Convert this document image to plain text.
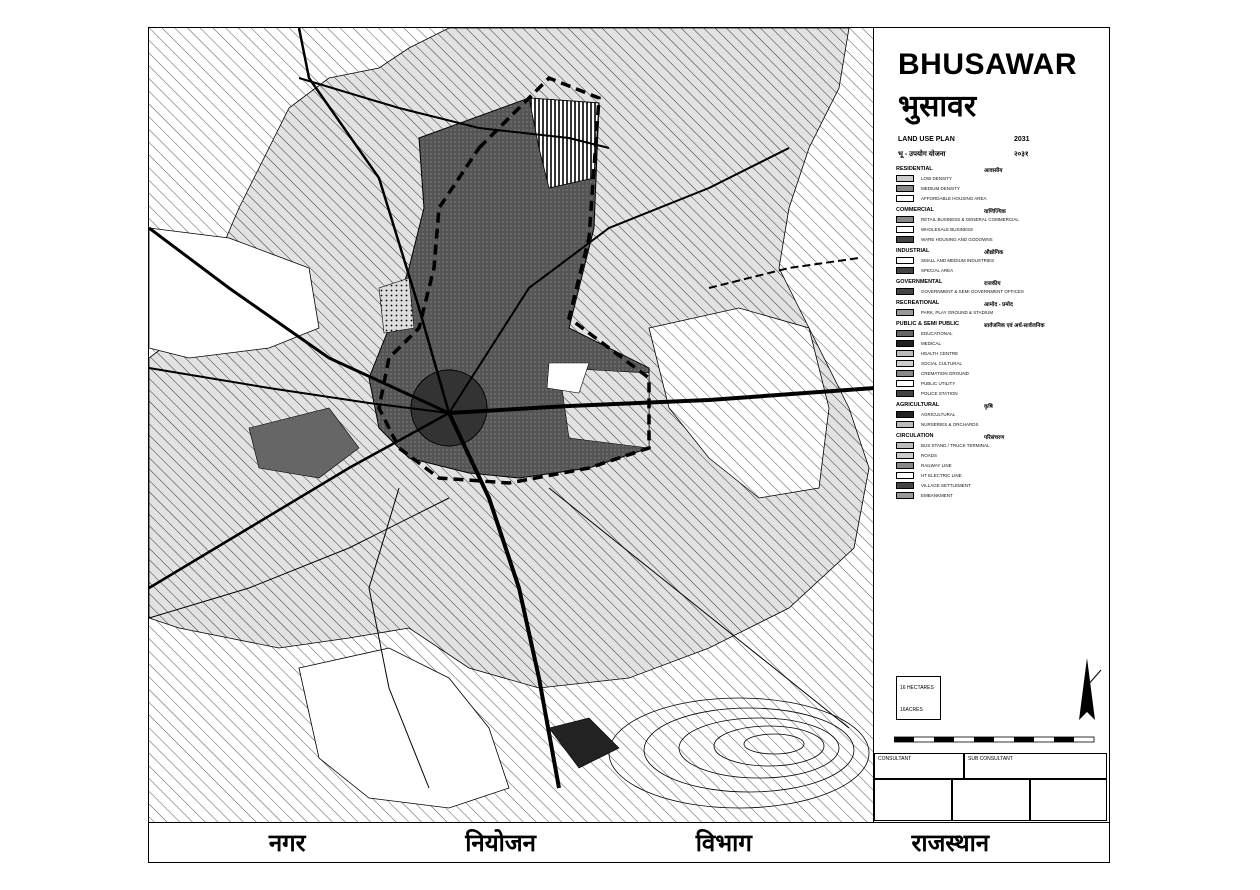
BHUSAWAR
भुसावर
LAND USE PLAN	2031
भू - उपयोग योजना	२०३१
RESIDENTIAL	आवासीय
LOW DENSITY
MEDIUM DENSITY
AFFORDABLE HOUSING AREA
COMMERCIAL	वाणिज्यिक
RETAIL BUSINESS & GENERAL COMMERCIAL
WHOLESALE BUSINESS
WARE HOUSING AND GODOWNS
INDUSTRIAL	औद्योगिक
SMALL AND MEDIUM INDUSTRIES
SPECIAL AREA
GOVERNMENTAL	राजकीय
GOVERNMENT & SEMI GOVERNMENT OFFICES
RECREATIONAL	आमोद - प्रमोद
PARK, PLAY GROUND & STADIUM
PUBLIC & SEMI PUBLIC	सार्वजनिक एवं अर्ध-सार्वजनिक
EDUCATIONAL
MEDICAL
HEALTH CENTRE
SOCIAL CULTURAL
CREMATION GROUND
PUBLIC UTILITY
POLICE STATION
AGRICULTURAL	कृषि
AGRICULTURAL
NURSERIES & ORCHARDS
CIRCULATION	परिसंचरण
BUS STAND / TRUCK TERMINAL
ROADS
RAILWAY LINE
HT ELECTRIC LINE
VILLAGE SETTLEMENT
EMBANKMENT
16 HECTARES
16ACRES
CONSULTANT	SUB CONSULTANT
नगर	नियोजन	विभाग	राजस्थान
